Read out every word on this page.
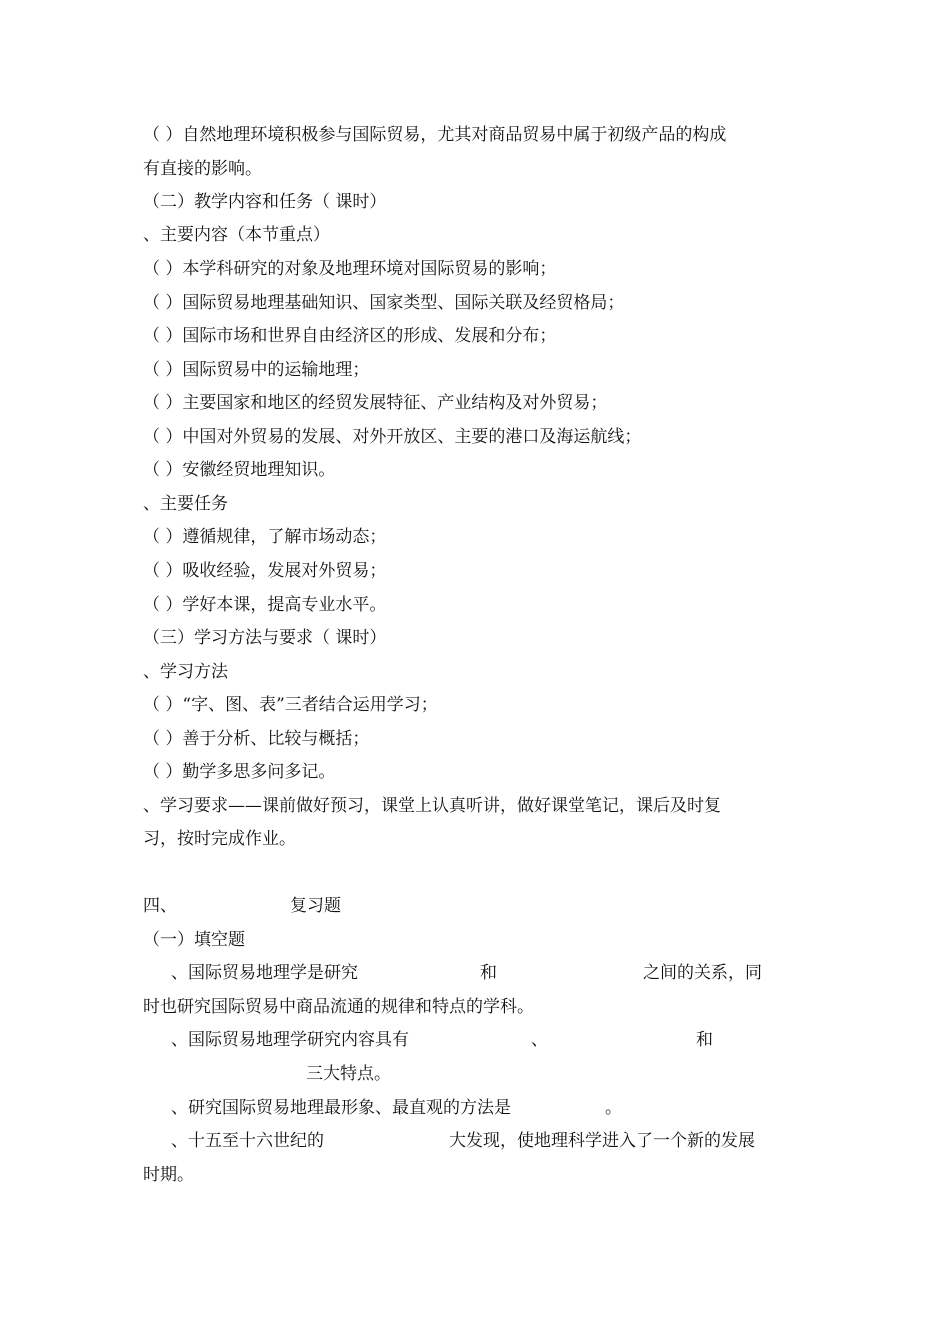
（ ）自然地理环境积极参与国际贸易，尤其对商品贸易中属于初级产品的构成
有直接的影响。
（二）教学内容和任务（ 课时）
、主要内容（本节重点）
（ ）本学科研究的对象及地理环境对国际贸易的影响；
（ ）国际贸易地理基础知识、国家类型、国际关联及经贸格局；
（ ）国际市场和世界自由经济区的形成、发展和分布；
（ ）国际贸易中的运输地理；
（ ）主要国家和地区的经贸发展特征、产业结构及对外贸易；
（ ）中国对外贸易的发展、对外开放区、主要的港口及海运航线；
（ ）安徽经贸地理知识。
、主要任务
（ ）遵循规律，了解市场动态；
（ ）吸收经验，发展对外贸易；
（ ）学好本课，提高专业水平。
（三）学习方法与要求（ 课时）
、学习方法
（ ）“字、图、表”三者结合运用学习；
（ ）善于分析、比较与概括；
（ ）勤学多思多问多记。
、学习要求——课前做好预习，课堂上认真听讲，做好课堂笔记，课后及时复
习，按时完成作业。
四、	复习题
（一）填空题
、国际贸易地理学是研究	和	之间的关系，同
时也研究国际贸易中商品流通的规律和特点的学科。
、国际贸易地理学研究内容具有	、	和
三大特点。
、研究国际贸易地理最形象、最直观的方法是	。
、十五至十六世纪的	大发现，使地理科学进入了一个新的发展
时期。
